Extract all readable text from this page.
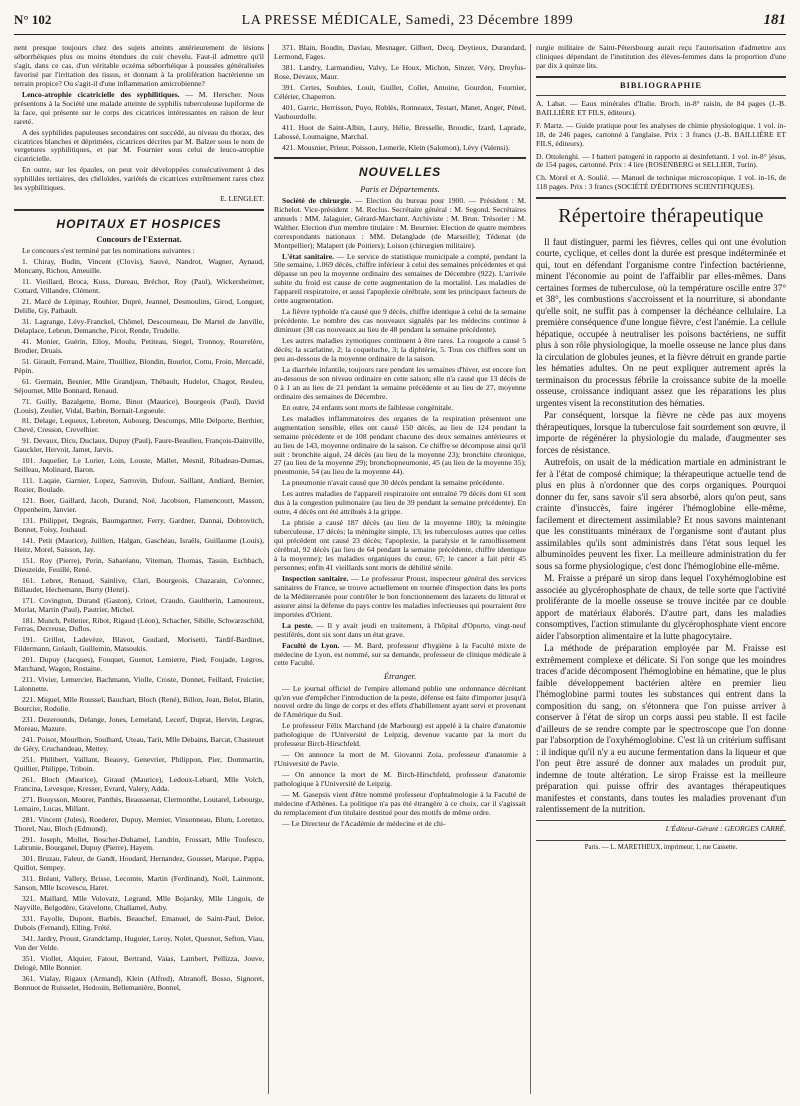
N° 102	LA PRESSE MÉDICALE, Samedi, 23 Décembre 1899	181

nent presque toujours chez des sujets atteints antérieurement de lésions séborrhéiques plus ou moins étendues du cuir chevelu. Faut-il admettre qu'il s'agit, dans ce cas, d'un véritable eczéma séborrhéique à poussées généralisées favorisé par l'irritation des tissus, et donnant à la prolifération bactérienne un terrain propice? Ou s'agit-il d'une inflammation amicrobienne?

Lenco-atrophie cicatricielle des syphilitiques. — M. Herscher. Nous présentons à la Société une malade atteinte de syphilis tuberculeuse lupiforme de la face, qui présente sur le corps des cicatrices intéressantes en raison de leur rareté.

A des syphilides papuleuses secondaires ont succédé, au niveau du thorax, des cicatrices blanches et déprimées, cicatrices décrites par M. Balzer sous le nom de vergetures syphilitiques, et par M. Fournier sous celui de leuco-atrophie cicatricielle.

En outre, sur les épaules, on peut voir développées consécutivement à des syphilides tertiaires, des chéloïdes, variétés de cicatrices extrêmement rares chez les syphilitiques.

E. LENGLET.
HOPITAUX ET HOSPICES
Concours de l'Externat.

Le concours s'est terminé par les nominations suivantes :

1. Chiray, Budin, Vincent (Clovis), Sauvé, Nandrot, Wagner, Aynaud, Moncany, Richou, Ameuille.

11. Vieillard, Broca, Kuss, Dureau, Bréchot, Roy (Paul), Wickersheimer, Cottard, Villandre, Clément.

21. Macé de Lépinay, Rouhier, Dupré, Jeannel, Desmoulins, Girod, Longuet, Delille, Gy, Pathault.

31. Lagrange, Lévy-Franckel, Chômel, Descourneau, De Martel de Janville, Delaplace, Lebrun, Demanche, Picot, Rende, Trudelle.

41. Monier, Guérin, Elloy, Moulu, Petiteau, Siegel, Tronnoy, Rourrelère, Brodier, Druais.

51. Girault, Ferrand, Maire, Thuilliez, Blondin, Bourlot, Cottu, Froin, Mercadé, Pépin.

61. Germain, Besnier, Mlle Grandjean, Thébault, Hudelot, Chagot, Reuleu, Séjournet, Mlle Bonnard, Renaud.

71. Guilly, Bazalgette, Borne, Binot (Maurice), Bourgeois (Paul), David (Louis), Zeulier, Vidal, Barbin, Bornait-Legueule.

81. Delage, Lequeux, Lebreton, Aubourg, Descomps, Mlle Delporte, Berthier, Chevé, Cresson, Crevelhier.

91. Devaux, Dicu, Duclaux, Dupuy (Paul), Faure-Beaulieu, François-Dainville, Gauckler, Hervoit, Jamet, Jarvis.

101. Juquelier, Le Lorier, Loin, Louste, Mallet, Mesnil, Ribadeau-Dumas, Seilleau, Molinard, Baron.

111. Laqaie, Garnier, Lopez, Sarrovin, Dufour, Saillant, Andiard, Bernier, Rozier, Boulade.

121. Boer, Gaillard, Jacob, Durand, Noé, Jacobson, Flamencourt, Masson, Oppenheim, Janvier.

131. Philippet, Degrais, Baumgartner, Ferry, Gardner, Dannai, Dobrovitch, Bonnet, Foisy, Jouhaud.

141. Petit (Maurice), Juillien, Halgan, Gaschéau, Israëls, Guillaume (Louis), Heitz, Morel, Saisson, Jay.

151. Roy (Pierre), Perin, Sabaréanu, Viteman, Thomas, Tassin, Eschbach, Dieuzeide, Feuillé, René.

161. Lebret, Renaud, Sainlive, Clari, Bourgeois, Chazarain, Co'onnec, Billaudet, Hechemann, Burty (Henri).

171. Covington, Durand (Gaston), Crinet, Craudo, Gaultherin, Lamoureux, Morlat, Martin (Paul), Pautrier, Michel.

181. Munch, Pelletier, Ribot, Rigaud (Léon), Schacher, Sibille, Schwarzschild, Ferras, Decreuse, Duflos.

191. Grillot, Ladevèze, Blavot, Goulard, Morisetti, Tardif-Bardinet, Fildermann, Gréault, Guillemin, Matsoukis.

201. Dupuy (Jacques), Fouquet, Guenot, Lemierre, Pied, Foujade, Legros, Marchand, Wagon, Rostaine.

211. Vivier, Lemercier, Bachmann, Violle, Croste, Donnet, Feillard, Fruictier, Lalonnette.

221. Miquel, Mlle Roussel, Bauchart, Bloch (René), Billon, Jean, Belot, Blatin, Bourcier, Rodolie.

231. Dezerounds, Delange, Jones, Lemeland, Lecerf, Duprat, Hervin, Legras, Moreau, Mazure.

241. Poisot, Mourlhon, Soulhard, Uteau, Tarit, Mlle Debains, Barcat, Chasteuet de Géry, Cruchandeau, Mettey.

251. Philibert, Vaillant, Beauvy, Genevrier, Philippon, Pier, Dommartin, Quillier, Philippe, Triboin.

261. Bloch (Maurice), Giraud (Maurice), Ledoux-Lebard, Mlle Volch, Francina, Levesque, Kresser, Evrard, Valery, Adda.

271. Bouysson, Mourer, Panthès, Beaussenat, Clermonthe, Loutarel, Lebourge, Lemaire, Lucas, Millant.

281. Vincent (Jules), Roederer, Dupuy, Mernier, Vinsonneau, Blum, Lorenzo, Thorel, Nau, Bloch (Edmond).

291. Joseph, Mollet, Boscher-Duhamel, Landrin, Frossart, Mlle Toufesco, Labrunie, Bourganel, Dupuy (Pierre), Hayem.

301. Bruzau, Faleur, de Gandt, Houdard, Hernandez, Gousset, Marque, Pappa, Quillot, Sempey.

311. Bréant, Vallery, Brisse, Lecomte, Martin (Ferdinand), Noël, Lainmont, Sanson, Mlle Iscovescu, Haret.

321. Maillard, Mlle Volovatz, Legrand, Mlle Bojarsky, Mlle Lingois, de Nayville, Belgodère, Gravelotte, Challamel, Auby.

331. Fayolle, Dupont, Barbès, Beauchef, Emanuel, de Saint-Paul, Delor, Dubois (Fernand), Elling, Frété.

341. Jardry, Proust, Grandclamp, Huguier, Leroy, Nolet, Quesnot, Sefton, Viau, Von der Velde.

351. Viollet, Alquier, Fatout, Bertrand, Vaias, Lambert, Pellizza, Jouve, Delogé, Mlle Bonnier.

361. Vialay, Rigaux (Armand), Klein (Alfred), Abranoff, Bosso, Signoret, Bonnuot de Ruisselet, Hedouin, Bellemanière, Bonnel,

371. Blain, Boudin, Daviau, Mesnager, Gilbert, Decq, Deytieux, Durandard, Lermond, Fages.

381. Landry, Larmandieu, Valvy, Le Houx, Michon, Sinzer, Véry, Dreyfus-Rose, Devaux, Maur.

391. Certes, Soubies, Louit, Guillet, Collet, Antoine, Gourdon, Fournier, Célérier, Chaperron.

401. Garric, Herrisson, Puyo, Roblès, Ronneaux, Testart, Manet, Anger, Pénel, Vaubourdolle.

411. Huot de Saint-Albin, Laury, Hélie, Bresselle, Broudic, Izard, Laprade, Labossé, Loumaigne, Marchal.

421. Mousnier, Prieur, Poisson, Lemerle, Klein (Salomon), Lévy (Valensi).

NOUVELLES
Paris et Départements.

Société de chirurgie. — Election du bureau pour 1900. — Président : M. Richelot. Vice-président : M. Reclus. Secrétaire général : M. Segond. Secrétaires annuels : MM. Jalaguier, Gérard-Marchant. Archiviste : M. Brun. Trésorier : M. Walther. Election d'un membre titulaire : M. Beurnier. Election de quatre membres correspondants nationaux : MM. Delanglade (de Marseille); Tédenat (de Montpellier); Malapert (de Poitiers); Loison (chirurgien militaire).

L'état sanitaire. — Le service de statistique municipale a compté, pendant la 50e semaine, 1.069 décès, chiffre inférieur à celui des semaines précédentes et qui dépasse un peu la moyenne ordinaire des semaines de Décembre (922). L'arrivée subite du froid est cause de cette augmentation de la mortalité. Les maladies de l'appareil respiratoire, et aussi l'apoplexie cérébrale, sont les principaux facteurs de cette augmentation.

La fièvre typhoïde n'a causé que 9 décès, chiffre identique à celui de la semaine précédente. Le nombre des cas nouveaux signalés par les médecins continue à diminuer (38 cas nouveaux au lieu de 48 pendant la semaine précédente).

Les autres maladies zymotiques continuent à être rares. La rougeole a causé 5 décès; la scarlatine, 2; la coqueluche, 3; la diphtérie, 5. Tous ces chiffres sont un peu au-dessous de la moyenne ordinaire de la saison.

La diarrhée infantile, toujours rare pendant les semaines d'hiver, est encore fort au-dessous de son niveau ordinaire en cette saison; elle n'a causé que 13 décès de 0 à 1 an au lieu de 21 pendant la semaine précédente et au lieu de 27, moyenne ordinaire des semaines de Décembre.

En outre, 24 enfants sont morts de faiblesse congénitale.

Les maladies inflammatoires des organes de la respiration présentent une augmentation sensible, elles ont causé 150 décès, au lieu de 124 pendant la semaine précédente et de 108 pendant chacune des deux semaines antérieures et au lieu de 143, moyenne ordinaire de la saison. Ce chiffre se décompose ainsi qu'il suit : bronchite aiguë, 24 décès (au lieu de la moyenne 23); bronchite chronique, 27 (au lieu de la moyenne 29); bronchopneumonie, 45 (au lieu de la moyenne 35); pneumonie, 54 (au lieu de la moyenne 44).

La pneumonie n'avait causé que 30 décès pendant la semaine précédente.

Les autres maladies de l'appareil respiratoire ont entraîné 79 décès dont 61 sont dus à la congestion pulmonaire (au lieu de 39 pendant la semaine précédente). En outre, 4 décès ont été attribués à la grippe.

La phtisie a causé 187 décès (au lieu de la moyenne 180); la méningite tuberculeuse, 17 décès; la méningite simple, 13; les tuberculoses autres que celles qui précèdent ont causé 23 décès; l'apoplexie, la paralysie et le ramollissement cérébral, 92 décès (au lieu de 64 pendant la semaine précédente, chiffre identique à la moyenne); les maladies organiques du cœur, 67; le cancer a fait périr 45 personnes; enfin 41 vieillards sont morts de débilité sénile.

Inspection sanitaire. — Le professeur Proust, inspecteur général des services sanitaires de France, se trouve actuellement en tournée d'inspection dans les ports de la Méditerranée pour contrôler le bon fonctionnement des lazarets du littoral et assurer ainsi la défense du pays contre les maladies infectieuses qui pourraient être importées d'Orient.

La peste. — Il y avait jeudi en traitement, à l'hôpital d'Oporto, vingt-neuf pestiférés, dont six sont dans un état grave.

Faculté de Lyon. — M. Bard, professeur d'hygiène à la Faculté mixte de médecine de Lyon, est nommé, sur sa demande, professeur de clinique médicale à cette Faculté.

Étranger.

— Le journal officiel de l'empire allemand publie une ordonnance décrétant qu'en vue d'empêcher l'introduction de la peste, défense est faite d'importer jusqu'à nouvel ordre du linge de corps et des effets d'habillement ayant servi et provenant de l'Amérique du Sud.

Le professeur Félix Marchand (de Marbourg) est appelé à la chaire d'anatomie pathologique de l'Université de Leipzig, devenue vacante par la mort du professeur Birch-Hirschfeld.

— On annonce la mort de M. Giovanni Zoia, professeur d'anatomie à l'Université de Pavie.

— On annonce la mort de M. Birch-Hirschfeld, professeur d'anatomie pathologique à l'Université de Leipzig.

— M. Gasepsis vient d'être nommé professeur d'ophtalmologie à la Faculté de médecine d'Athènes. La politique n'a pas été étrangère à ce choix, car il s'agissait du remplacement d'un titulaire destitué pour des motifs de même ordre.

— Le Directeur de l'Académie de médecine et de chi-

rurgie militaire de Saint-Pétersbourg aurait reçu l'autorisation d'admettre aux cliniques dépendant de l'institution des élèves-femmes dans la proportion d'une par dix à quinze lits.

BIBLIOGRAPHIE

A. Labat. — Eaux minérales d'Italie. Broch. in-8° raisin, de 84 pages (J.-B. BAILLIÈRE ET FILS, éditeurs).

F. Martz. — Guide pratique pour les analyses de chimie physiologique. 1 vol. in-18, de 246 pages, cartonné à l'anglaise. Prix : 3 francs (J.-B. BAILLIÈRE ET FILS, éditeurs).

D. Ottolenghi. — I batteri patogeni in rapporto ai desinfettanti. 1 vol. in-8° jésus, de 154 pages, cartonné. Prix : 4 lire (ROSENBERG et SELLIER, Turin).

Ch. Morel et A. Soulié. — Manuel de technique microscopique. 1 vol. in-16, de 118 pages. Prix : 3 francs (SOCIÉTÉ D'ÉDITIONS SCIENTIFIQUES).

Répertoire thérapeutique

Il faut distinguer, parmi les fièvres, celles qui ont une évolution courte, cyclique, et celles dont la durée est presque indéterminée et qui, tout en défendant l'organisme contre l'infection bactérienne, minent l'économie au point de l'affaiblir par elles-mêmes. Dans certaines formes de tuberculose, où la température oscille entre 37° et 38°, les combustions s'accroissent et la nourriture, si abondante qu'elle soit, ne suffit pas à compenser la déchéance cellulaire. La première conséquence d'une longue fièvre, c'est l'anémie. La cellule hépatique, occupée à neutraliser les poisons bactériens, ne suffit plus à son rôle physiologique, la moelle osseuse ne lance plus dans la circulation de globules jeunes, et la fièvre détruit en grande partie les hématies adultes. On ne peut expliquer autrement après la terminaison du processus fébrile la croissance subite de la moelle osseuse, croissance indiquant assez que les réparations les plus urgentes visent la reconstitution des hématies.

Par conséquent, lorsque la fièvre ne cède pas aux moyens thérapeutiques, lorsque la tuberculose fait sourdement son œuvre, il importe de régénérer la physiologie du malade, d'augmenter ses forces de résistance.

Autrefois, on usait de la médication martiale en administrant le fer à l'état de composé chimique; la thérapeutique actuelle tend de plus en plus à n'ordonner que des corps organiques. Pourquoi donner du fer, sans savoir s'il sera absorbé, alors qu'on peut, sans crainte d'insuccès, faire ingérer l'hémoglobine elle-même, facilement et directement assimilable? Et nous savons maintenant que les constituants minéraux de l'organisme sont d'autant plus assimilables qu'ils sont administrés dans l'état sous lequel les albuminoïdes peuvent les fixer. La meilleure administration du fer sous sa forme physiologique, c'est donc l'hémoglobine elle-même.

M. Fraisse a préparé un sirop dans lequel l'oxyhémoglobine est associée au glycérophosphate de chaux, de telle sorte que l'activité proliférante de la moelle osseuse se trouve incitée par ce double apport de matériaux élaborés. D'autre part, dans les maladies consomptives, l'action stimulante du glycérophosphate vient encore aider l'absorption alimentaire et la lutte phagocytaire.

La méthode de préparation employée par M. Fraisse est extrêmement complexe et délicate. Si l'on songe que les moindres traces d'acide décomposent l'hémoglobine en hématine, que le plus faible développement bactérien altère en premier lieu l'hémoglobine parmi toutes les substances qui entrent dans la composition du sang, on s'étonnera que l'on puisse arriver à conserver à l'état de sirop un corps aussi peu stable. Il est facile d'ailleurs de se rendre compte par le spectroscope que l'on donne par l'absorption de l'oxyhémoglobine. C'est là un critérium suffisant : il indique qu'il n'y a eu aucune fermentation dans la liqueur et que l'on peut être assuré de donner aux malades un produit pur, indemne de toute altération. Le sirop Fraisse est la meilleure préparation qui puisse offrir des avantages thérapeutiques manifestes et constants, dans toutes les maladies provenant d'un ralentissement de la nutrition.

L'Éditeur-Gérant : GEORGES CARRÉ.
Paris. — L. MARETHEUX, imprimeur, 1, rue Cassette.
